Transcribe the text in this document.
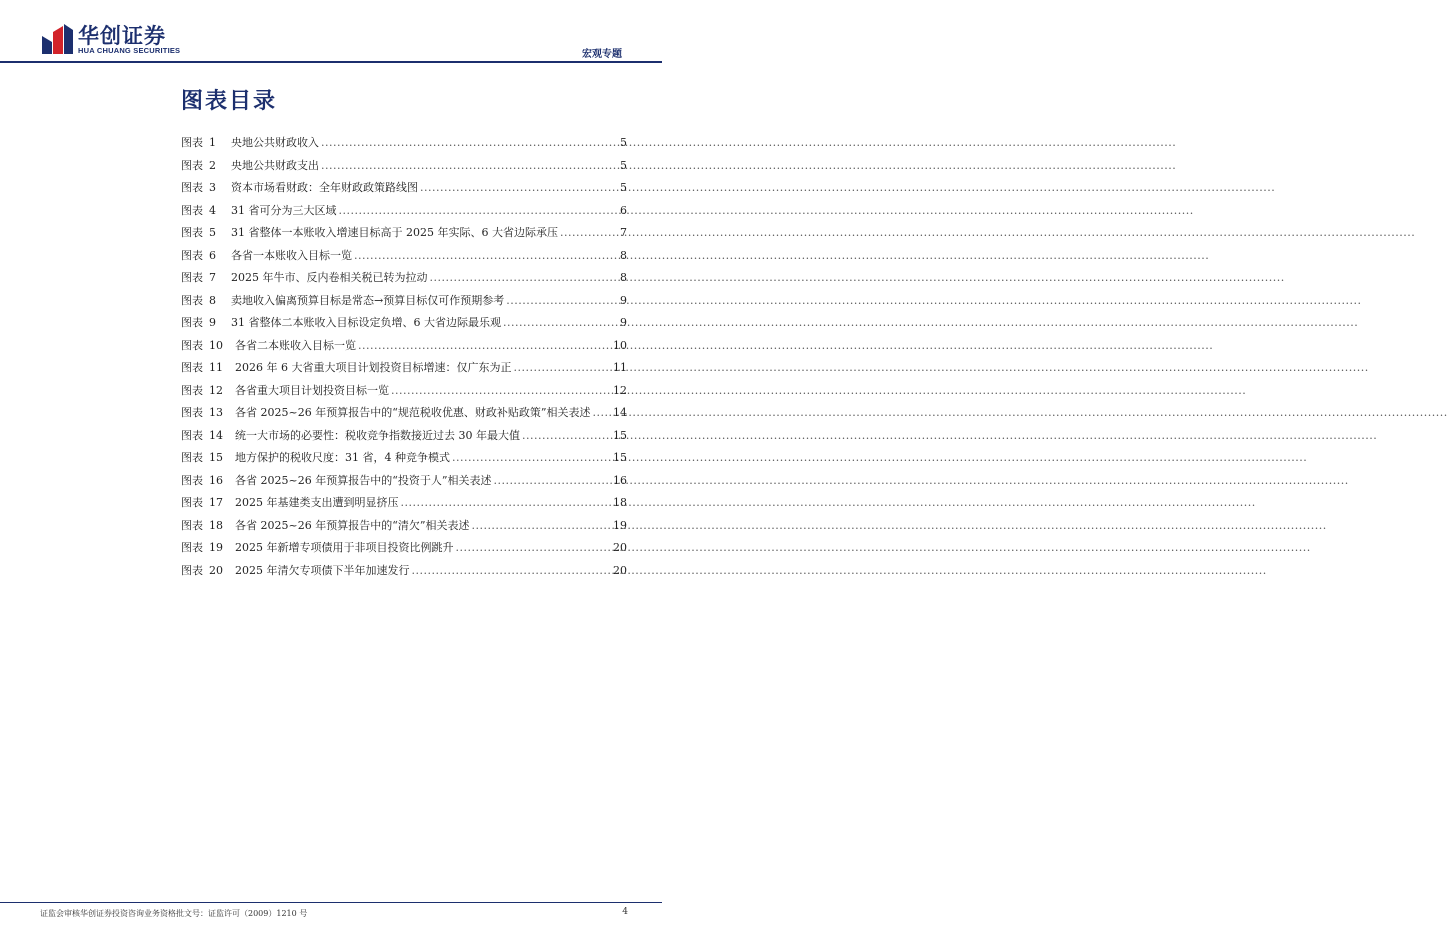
华创证券
HUA CHUANG SECURITIES	宏观专题
图表目录
图表 1	央地公共财政收入 .....	5
图表 2	央地公共财政支出 .....	5
图表 3	资本市场看财政：全年财政政策路线图 .....	5
图表 4	31 省可分为三大区域 .....	6
图表 5	31 省整体一本账收入增速目标高于 2025 年实际、6 大省边际承压 .....	7
图表 6	各省一本账收入目标一览 .....	8
图表 7	2025 年牛市、反内卷相关税已转为拉动 .....	8
图表 8	卖地收入偏离预算目标是常态→预算目标仅可作预期参考 .....	9
图表 9	31 省整体二本账收入目标设定负增、6 大省边际最乐观 .....	9
图表 10	各省二本账收入目标一览 .....	10
图表 11	2026 年 6 大省重大项目计划投资目标增速：仅广东为正 .....	11
图表 12	各省重大项目计划投资目标一览 .....	12
图表 13	各省 2025~26 年预算报告中的“规范税收优惠、财政补贴政策”相关表述 ..... 14
图表 14	统一大市场的必要性：税收竞争指数接近过去 30 年最大值 .....	15
图表 15	地方保护的税收尺度：31 省，4 种竞争模式 .....	15
图表 16	各省 2025~26 年预算报告中的“投资于人”相关表述 .....	16
图表 17	2025 年基建类支出遭到明显挤压 .....	18
图表 18	各省 2025~26 年预算报告中的“清欠”相关表述 .....	19
图表 19	2025 年新增专项债用于非项目投资比例跳升 .....	20
图表 20	2025 年清欠专项债下半年加速发行 .....	20
证监会审核华创证券投资咨询业务资格批文号：证监许可（2009）1210 号	4
